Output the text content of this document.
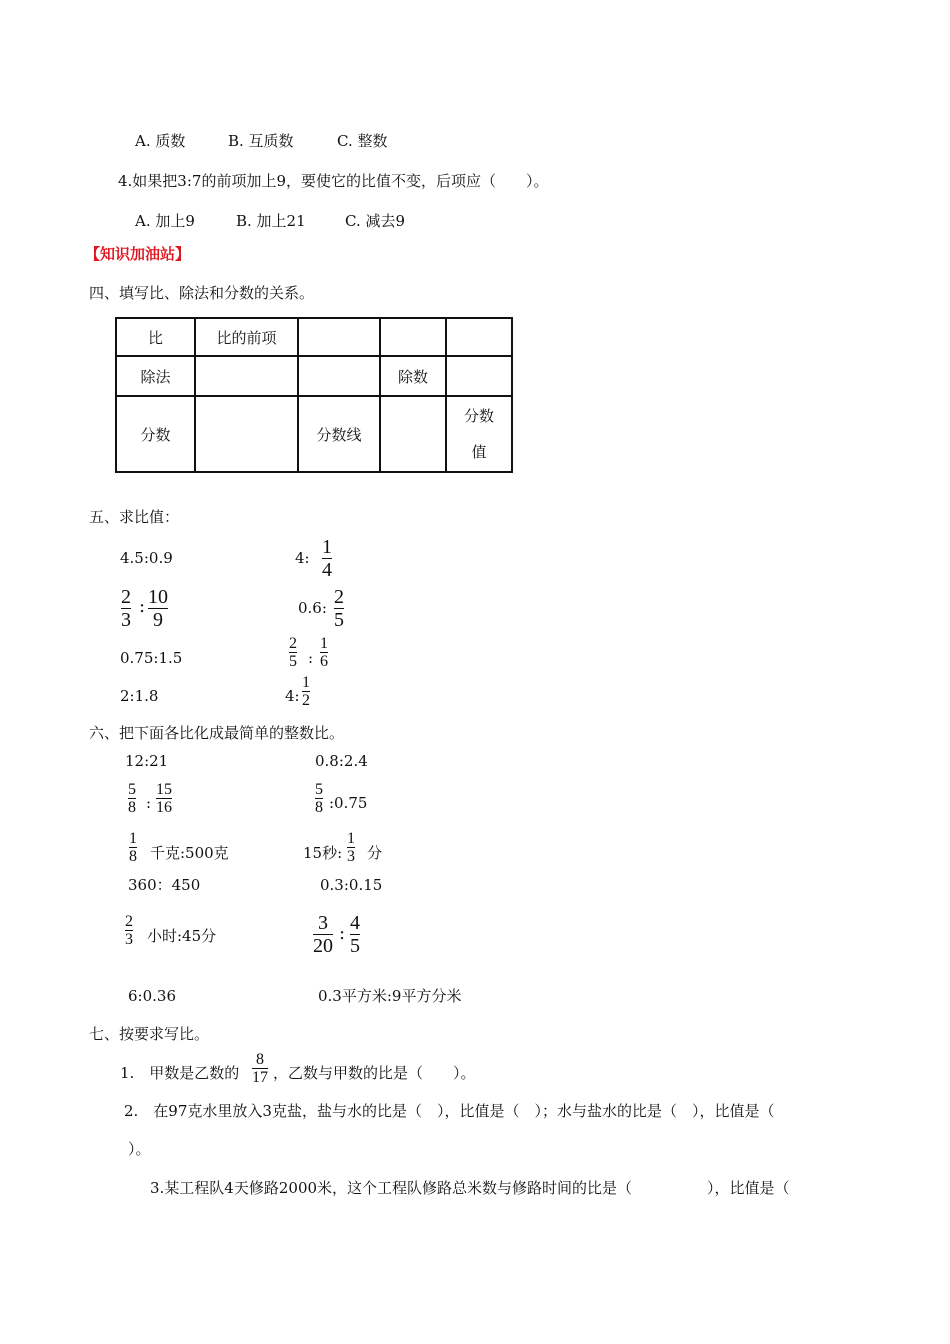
A. 质数	B. 互质数	C. 整数
4.如果把3:7的前项加上9，要使它的比值不变，后项应（　　）。
A. 加上9	B. 加上21	C. 减去9
【知识加油站】
四、填写比、除法和分数的关系。
比	比的前项			
除法			除数	
分数		分数线		分数值
五、求比值：
4.5:0.9	4: 1
4
2
3
: 10
9
0.6: 2
5
0.75:1.5
2
5 :
1
6
2:1.8	4:
1
2
六、把下面各比化成最简单的整数比。
12:21	0.8:2.4
5
8 :
15
16
5
8 :0.75
1
8 千克:500克	15秒:
1
3 分
360：450	0.3:0.15
2
3 小时:45分
3
20
: 4
5
6:0.36	0.3平方米:9平方分米
七、按要求写比。
1.　甲数是乙数的
8
17 ，乙数与甲数的比是（　　）。
2.　在97克水里放入3克盐，盐与水的比是（　），比值是（　）；水与盐水的比是（　），比值是（
）。
3.某工程队4天修路2000米，这个工程队修路总米数与修路时间的比是（　　　　　），比值是（
